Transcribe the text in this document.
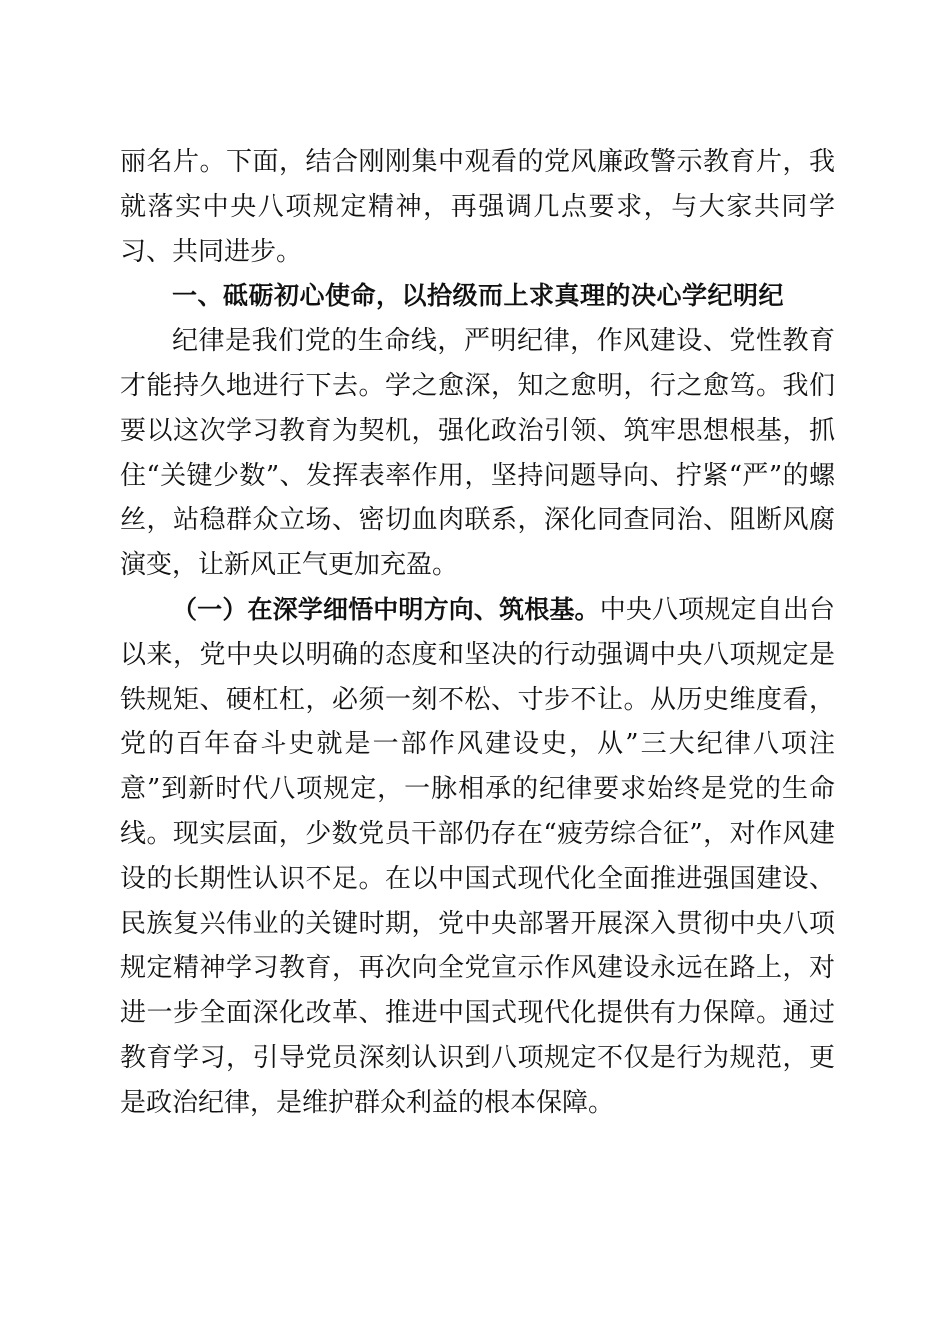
丽名片。下面，结合刚刚集中观看的党风廉政警示教育片，我就落实中央八项规定精神，再强调几点要求，与大家共同学习、共同进步。

一、砥砺初心使命，以拾级而上求真理的决心学纪明纪

纪律是我们党的生命线，严明纪律，作风建设、党性教育才能持久地进行下去。学之愈深，知之愈明，行之愈笃。我们要以这次学习教育为契机，强化政治引领、筑牢思想根基，抓住“关键少数”、发挥表率作用，坚持问题导向、拧紧“严”的螺丝，站稳群众立场、密切血肉联系，深化同查同治、阻断风腐演变，让新风正气更加充盈。

（一）在深学细悟中明方向、筑根基。中央八项规定自出台以来，党中央以明确的态度和坚决的行动强调中央八项规定是铁规矩、硬杠杠，必须一刻不松、寸步不让。从历史维度看，党的百年奋斗史就是一部作风建设史，从”三大纪律八项注意”到新时代八项规定，一脉相承的纪律要求始终是党的生命线。现实层面，少数党员干部仍存在“疲劳综合征”，对作风建设的长期性认识不足。在以中国式现代化全面推进强国建设、民族复兴伟业的关键时期，党中央部署开展深入贯彻中央八项规定精神学习教育，再次向全党宣示作风建设永远在路上，对进一步全面深化改革、推进中国式现代化提供有力保障。通过教育学习，引导党员深刻认识到八项规定不仅是行为规范，更是政治纪律，是维护群众利益的根本保障。
